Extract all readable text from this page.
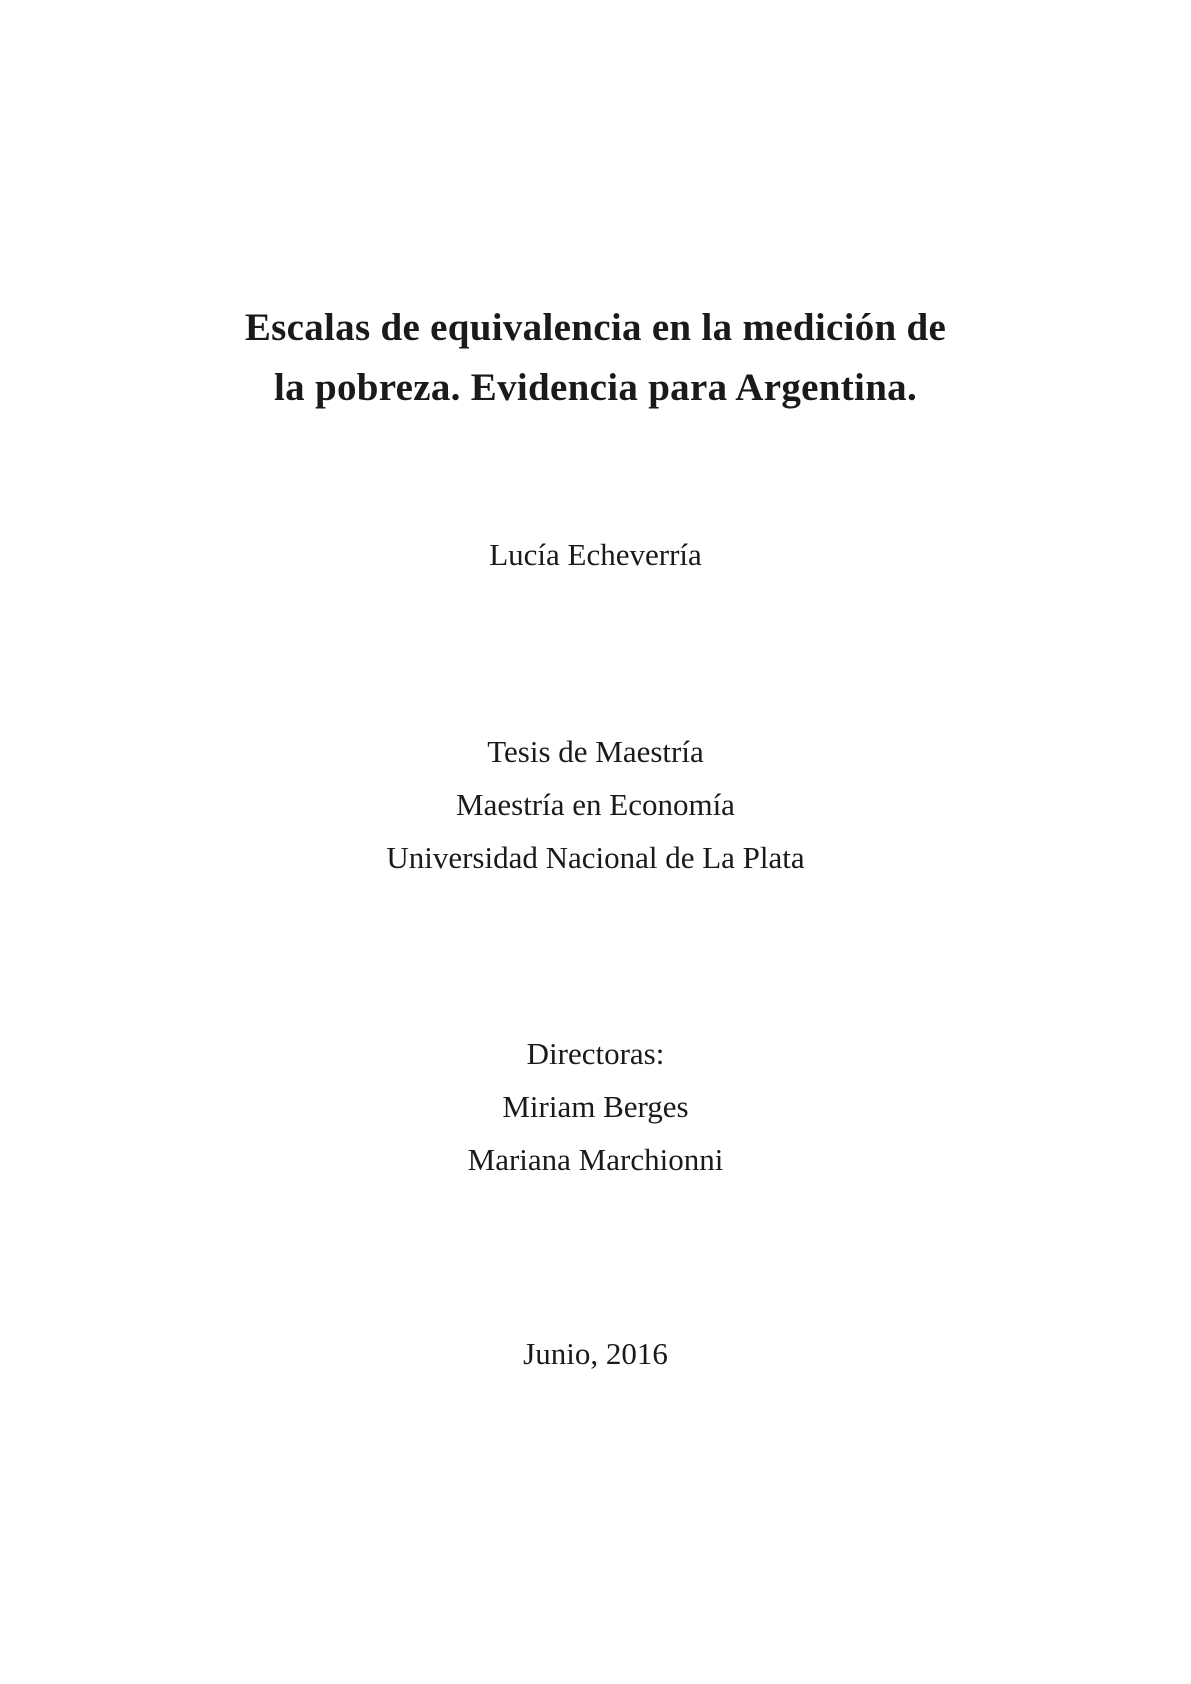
Escalas de equivalencia en la medición de
la pobreza. Evidencia para Argentina.
Lucía Echeverría
Tesis de Maestría
Maestría en Economía
Universidad Nacional de La Plata
Directoras:
Miriam Berges
Mariana Marchionni
Junio, 2016
